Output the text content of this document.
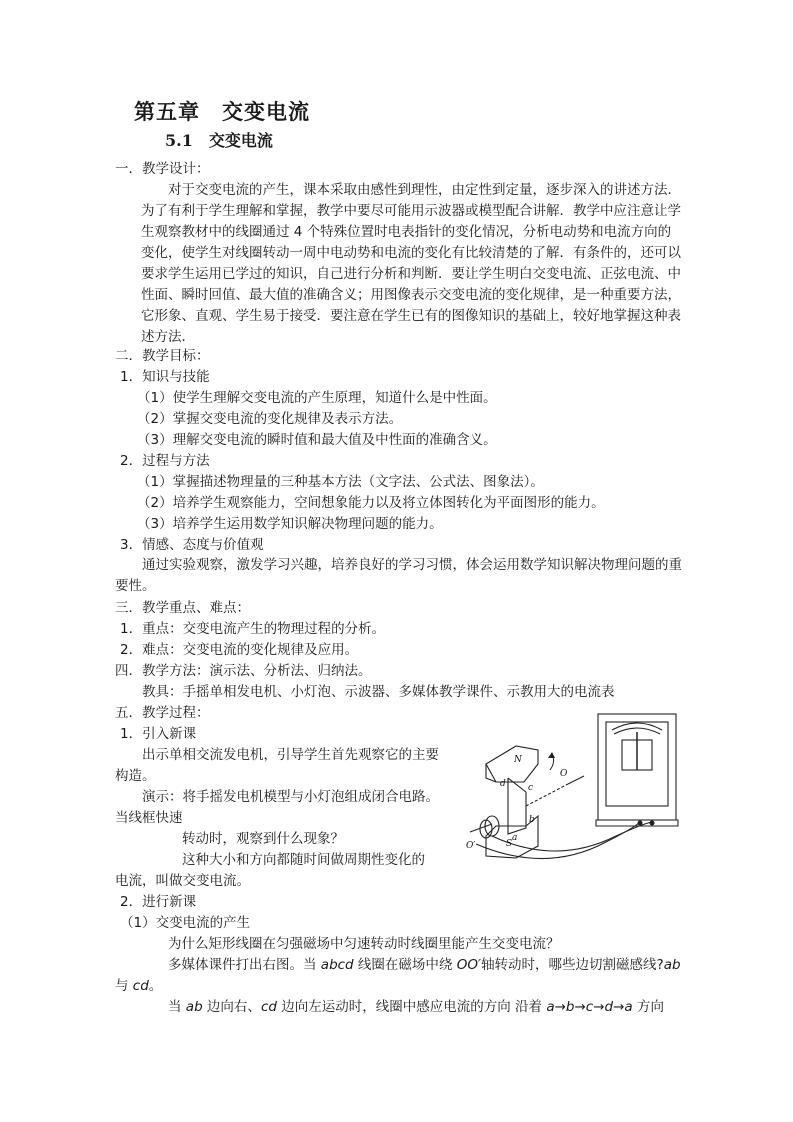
第五章　交变电流
5.1　交变电流
一．教学设计：
对于交变电流的产生，课本采取由感性到理性，由定性到定量，逐步深入的讲述方法．为了有利于学生理解和掌握，教学中要尽可能用示波器或模型配合讲解．教学中应注意让学生观察教材中的线圈通过 4 个特殊位置时电表指针的变化情况，分析电动势和电流方向的变化，使学生对线圈转动一周中电动势和电流的变化有比较清楚的了解．有条件的，还可以要求学生运用已学过的知识，自己进行分析和判断．要让学生明白交变电流、正弦电流、中性面、瞬时回值、最大值的准确含义；用图像表示交变电流的变化规律，是一种重要方法，它形象、直观、学生易于接受．要注意在学生已有的图像知识的基础上，较好地掌握这种表述方法．
二．教学目标：
1．知识与技能
（1）使学生理解交变电流的产生原理，知道什么是中性面。
（2）掌握交变电流的变化规律及表示方法。
（3）理解交变电流的瞬时值和最大值及中性面的准确含义。
2．过程与方法
（1）掌握描述物理量的三种基本方法（文字法、公式法、图象法）。
（2）培养学生观察能力，空间想象能力以及将立体图转化为平面图形的能力。
（3）培养学生运用数学知识解决物理问题的能力。
3．情感、态度与价值观
通过实验观察，激发学习兴趣，培养良好的学习习惯，体会运用数学知识解决物理问题的重要性。
三．教学重点、难点：
1．重点：交变电流产生的物理过程的分析。
2．难点：交变电流的变化规律及应用。
四．教学方法：演示法、分析法、归纳法。
教具：手摇单相发电机、小灯泡、示波器、多媒体教学课件、示教用大的电流表
五．教学过程：
1．引入新课
出示单相交流发电机，引导学生首先观察它的主要
构造。
演示：将手摇发电机模型与小灯泡组成闭合电路。
当线框快速
转动时，观察到什么现象？
这种大小和方向都随时间做周期性变化的
电流，叫做交变电流。
2．进行新课
（1）交变电流的产生
为什么矩形线圈在匀强磁场中匀速转动时线圈里能产生交变电流？
多媒体课件打出右图。当 abcd 线圈在磁场中绕 OO′轴转动时，哪些边切割磁感线?ab
与 cd。
当 ab 边向右、cd 边向左运动时，线圈中感应电流的方向 沿着 a→b→c→d→a 方向
N
S
O
O′
a
b
c
d
